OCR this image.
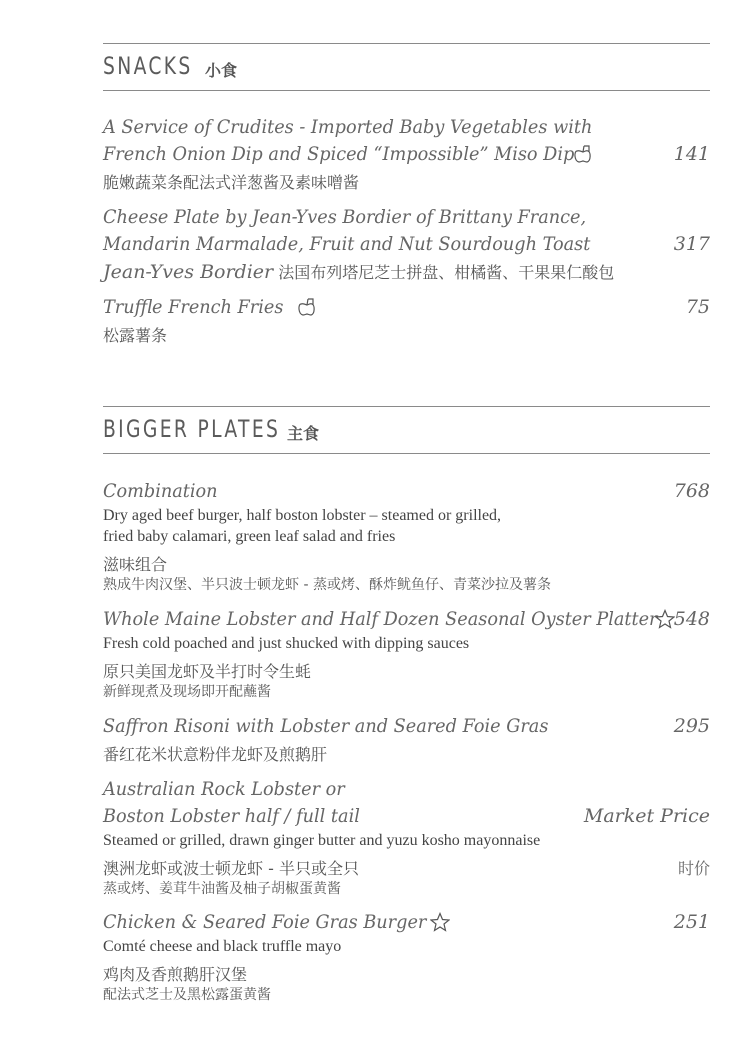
SNACKS 小食
A Service of Crudites - Imported Baby Vegetables with
French Onion Dip and Spiced “Impossible” Miso Dip	141
脆嫩蔬菜条配法式洋葱酱及素味噌酱
Cheese Plate by Jean-Yves Bordier of Brittany France,
Mandarin Marmalade, Fruit and Nut Sourdough Toast	317
Jean-Yves Bordier 法国布列塔尼芝士拼盘、柑橘酱、干果果仁酸包
Truffle French Fries	75
松露薯条
BIGGER PLATES 主食
Combination	768
Dry aged beef burger, half boston lobster – steamed or grilled,
fried baby calamari, green leaf salad and fries
滋味组合
熟成牛肉汉堡、半只波士顿龙虾 - 蒸或烤、酥炸鱿鱼仔、青菜沙拉及薯条
Whole Maine Lobster and Half Dozen Seasonal Oyster Platter 548
Fresh cold poached and just shucked with dipping sauces
原只美国龙虾及半打时令生蚝
新鲜现煮及现场即开配蘸酱
Saffron Risoni with Lobster and Seared Foie Gras	295
番红花米状意粉伴龙虾及煎鹅肝
Australian Rock Lobster or
Boston Lobster half / full tail	Market Price
Steamed or grilled, drawn ginger butter and yuzu kosho mayonnaise
澳洲龙虾或波士顿龙虾 - 半只或全只	时价
蒸或烤、姜茸牛油酱及柚子胡椒蛋黄酱
Chicken & Seared Foie Gras Burger	251
Comté cheese and black truffle mayo
鸡肉及香煎鹅肝汉堡
配法式芝士及黑松露蛋黄酱
